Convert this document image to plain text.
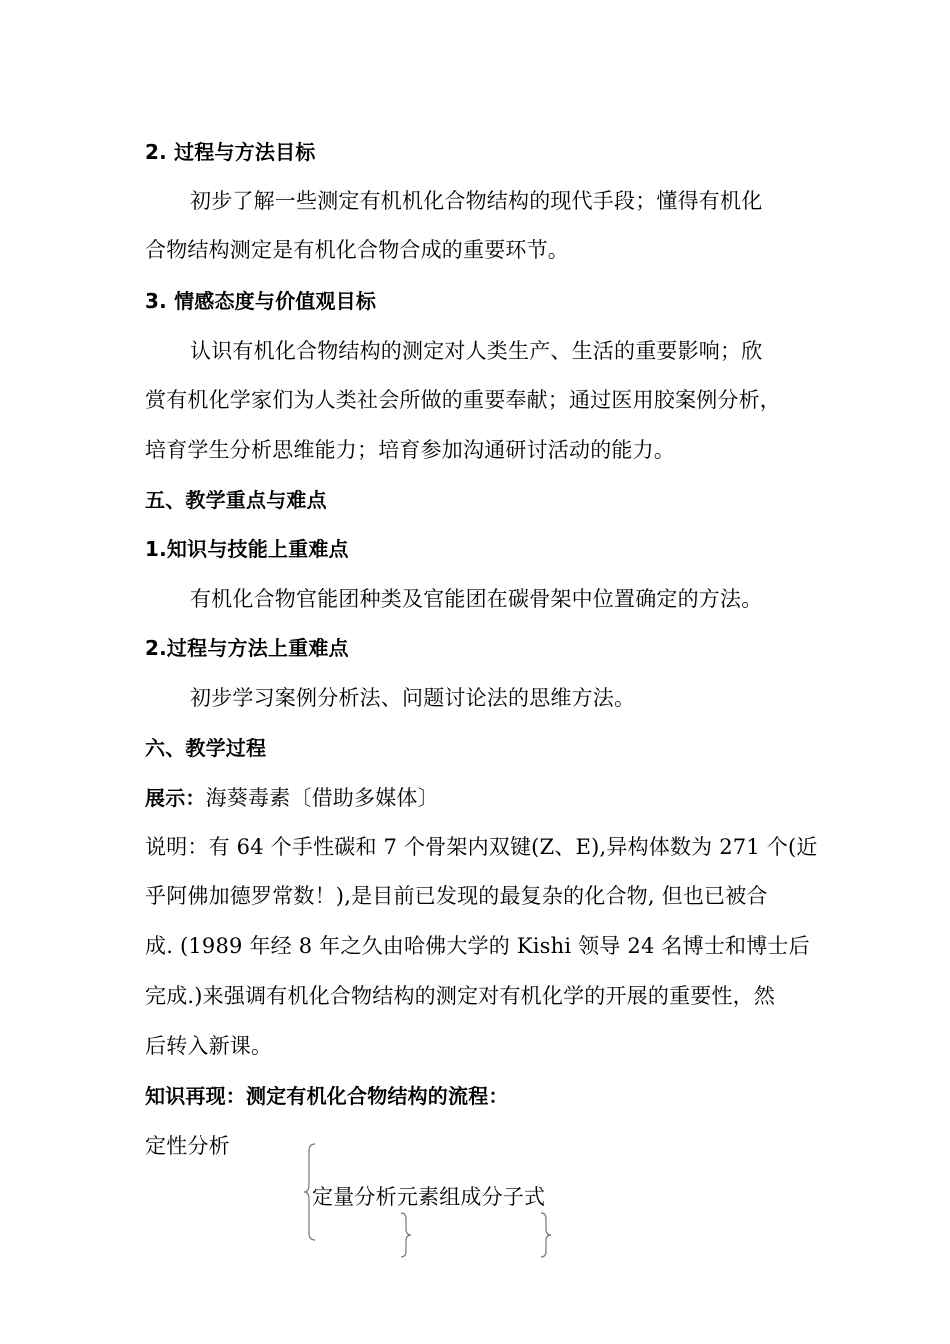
2. 过程与方法目标
初步了解一些测定有机机化合物结构的现代手段；懂得有机化
合物结构测定是有机化合物合成的重要环节。
3. 情感态度与价值观目标
认识有机化合物结构的测定对人类生产、生活的重要影响；欣
赏有机化学家们为人类社会所做的重要奉献；通过医用胶案例分析，
培育学生分析思维能力；培育参加沟通研讨活动的能力。
五、教学重点与难点
1.知识与技能上重难点
有机化合物官能团种类及官能团在碳骨架中位置确定的方法。
2.过程与方法上重难点
初步学习案例分析法、问题讨论法的思维方法。
六、教学过程
展示：海葵毒素〔借助多媒体〕
说明：有 64 个手性碳和 7 个骨架内双键(Z、E),异构体数为 271 个(近
乎阿佛加德罗常数！),是目前已发现的最复杂的化合物, 但也已被合
成. (1989 年经 8 年之久由哈佛大学的 Kishi 领导 24 名博士和博士后
完成.)来强调有机化合物结构的测定对有机化学的开展的重要性，然
后转入新课。
知识再现：测定有机化合物结构的流程：
定性分析
定量分析元素组成分子式
